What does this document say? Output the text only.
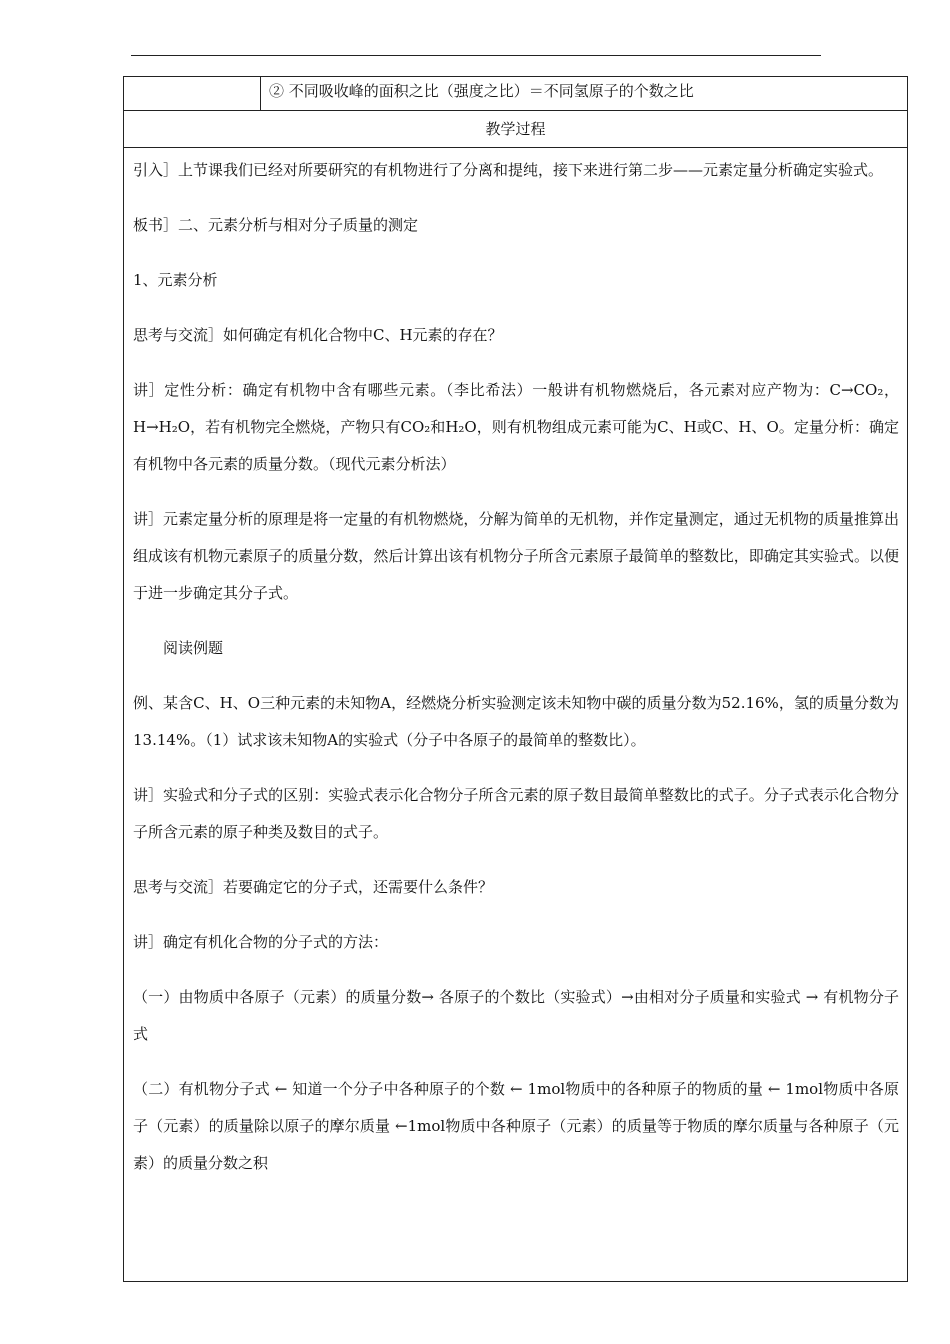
② 不同吸收峰的面积之比（强度之比）＝不同氢原子的个数之比
教学过程

引入］上节课我们已经对所要研究的有机物进行了分离和提纯，接下来进行第二步——元素定量分析确定实验式。

板书］二、元素分析与相对分子质量的测定

1、元素分析

思考与交流］如何确定有机化合物中C、H元素的存在？

讲］定性分析：确定有机物中含有哪些元素。（李比希法）一般讲有机物燃烧后，各元素对应产物为：C→CO₂，H→H₂O，若有机物完全燃烧，产物只有CO₂和H₂O，则有机物组成元素可能为C、H或C、H、O。定量分析：确定有机物中各元素的质量分数。（现代元素分析法）

讲］元素定量分析的原理是将一定量的有机物燃烧，分解为简单的无机物，并作定量测定，通过无机物的质量推算出组成该有机物元素原子的质量分数，然后计算出该有机物分子所含元素原子最简单的整数比，即确定其实验式。以便于进一步确定其分子式。

阅读例题

例、某含C、H、O三种元素的未知物A，经燃烧分析实验测定该未知物中碳的质量分数为52.16%，氢的质量分数为13.14%。（1）试求该未知物A的实验式（分子中各原子的最简单的整数比）。

讲］实验式和分子式的区别：实验式表示化合物分子所含元素的原子数目最简单整数比的式子。分子式表示化合物分子所含元素的原子种类及数目的式子。

思考与交流］若要确定它的分子式，还需要什么条件？

讲］确定有机化合物的分子式的方法：

（一）由物质中各原子（元素）的质量分数→ 各原子的个数比（实验式）→由相对分子质量和实验式 → 有机物分子式

（二）有机物分子式 ← 知道一个分子中各种原子的个数 ← 1mol物质中的各种原子的物质的量 ← 1mol物质中各原子（元素）的质量除以原子的摩尔质量 ←1mol物质中各种原子（元素）的质量等于物质的摩尔质量与各种原子（元素）的质量分数之积
